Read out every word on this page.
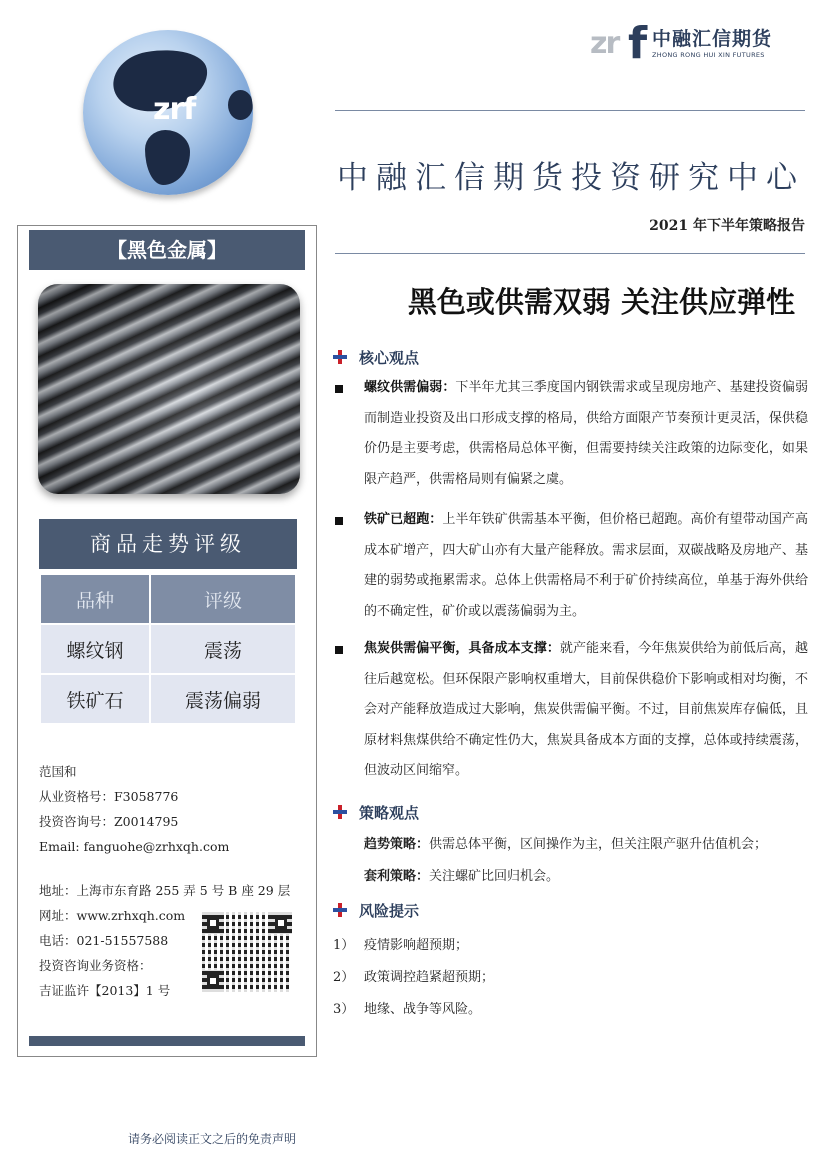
zrf
zr f 中融汇信期货
ZHONG RONG HUI XIN FUTURES
中融汇信期货投资研究中心
2021 年下半年策略报告
黑色或供需双弱 关注供应弹性
【黑色金属】
商品走势评级
品种	评级
螺纹钢	震荡
铁矿石	震荡偏弱
范国和
从业资格号：F3058776
投资咨询号：Z0014795
Email: fanguohe@zrhxqh.com
地址：上海市东育路 255 弄 5 号 B 座 29 层
网址：www.zrhxqh.com
电话：021-51557588
投资咨询业务资格：
吉证监许【2013】1 号
核心观点
螺纹供需偏弱：下半年尤其三季度国内钢铁需求或呈现房地产、基建投资偏弱而制造业投资及出口形成支撑的格局，供给方面限产节奏预计更灵活，保供稳价仍是主要考虑，供需格局总体平衡，但需要持续关注政策的边际变化，如果限产趋严，供需格局则有偏紧之虞。
铁矿已超跑：上半年铁矿供需基本平衡，但价格已超跑。高价有望带动国产高成本矿增产，四大矿山亦有大量产能释放。需求层面，双碳战略及房地产、基建的弱势或拖累需求。总体上供需格局不利于矿价持续高位，单基于海外供给的不确定性，矿价或以震荡偏弱为主。
焦炭供需偏平衡，具备成本支撑：就产能来看，今年焦炭供给为前低后高，越往后越宽松。但环保限产影响权重增大，目前保供稳价下影响或相对均衡，不会对产能释放造成过大影响，焦炭供需偏平衡。不过，目前焦炭库存偏低，且原材料焦煤供给不确定性仍大，焦炭具备成本方面的支撑，总体或持续震荡，但波动区间缩窄。
策略观点
趋势策略：供需总体平衡，区间操作为主，但关注限产驱升估值机会；
套利策略：关注螺矿比回归机会。
风险提示
1） 疫情影响超预期；
2） 政策调控趋紧超预期；
3） 地缘、战争等风险。
请务必阅读正文之后的免责声明
